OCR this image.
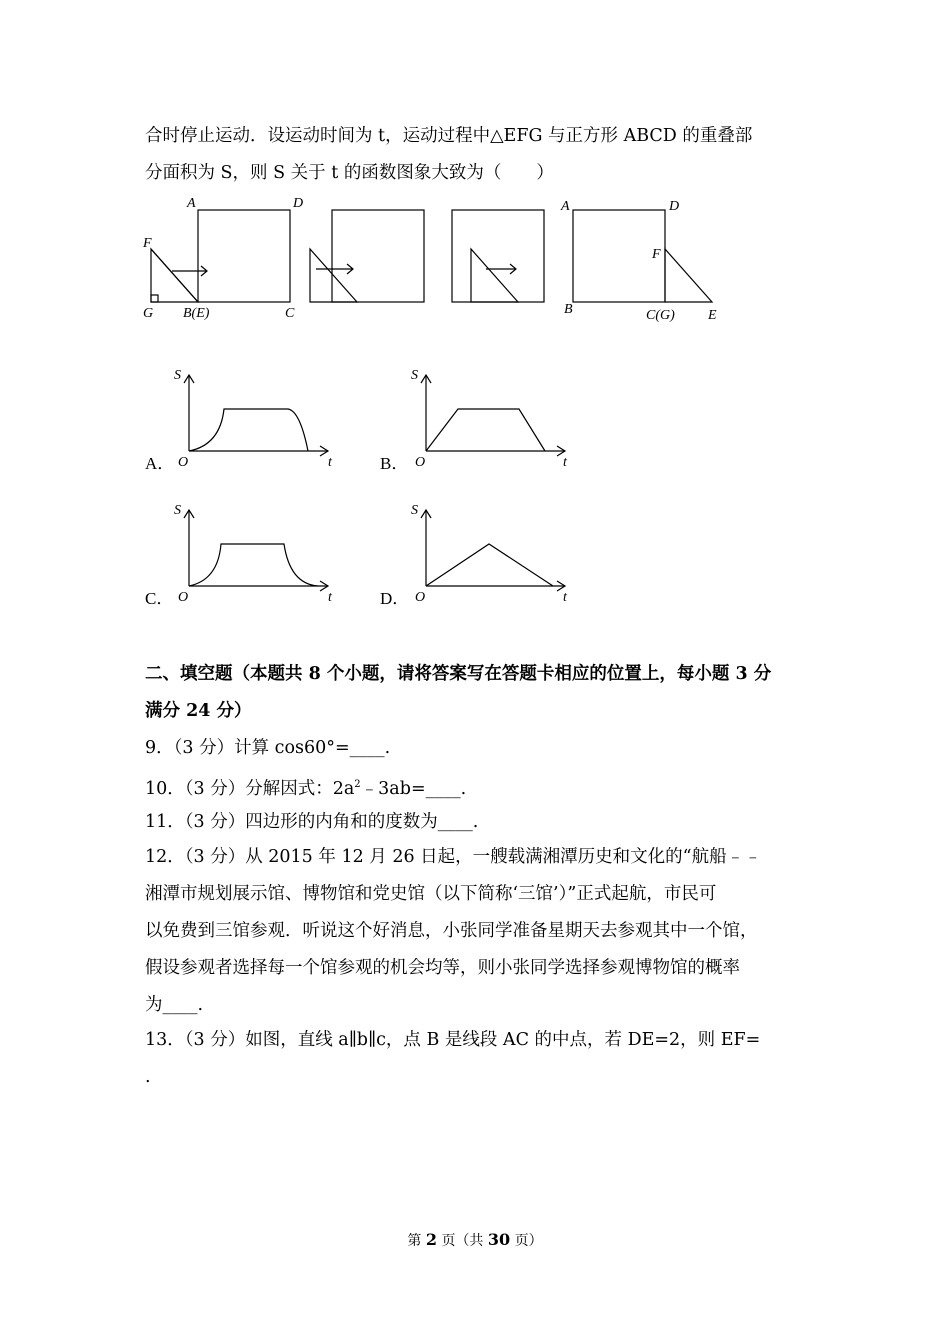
合时停止运动．设运动时间为 t，运动过程中△EFG 与正方形 ABCD 的重叠部
分面积为 S，则 S 关于 t 的函数图象大致为（　　）
A	D
F
G B(E)	C
A	D
F
B	C(G) E
S
O	t
A．
S
O	t
B．
S
O	t
C．
S
O	t
D．
二、填空题（本题共 8 个小题，请将答案写在答题卡相应的位置上，每小题 3 分
满分 24 分）
9．（3 分）计算 cos60°=____.
10．（3 分）分解因式：$2a^2﹣3ab=\_\_\_\_$.
11．（3 分）四边形的内角和的度数为____.
12．（3 分）从 2015 年 12 月 26 日起，一艘载满湘潭历史和文化的“航船﹣﹣
湘潭市规划展示馆、博物馆和党史馆（以下简称‘三馆’）”正式起航，市民可
以免费到三馆参观．听说这个好消息，小张同学准备星期天去参观其中一个馆，
假设参观者选择每一个馆参观的机会均等，则小张同学选择参观博物馆的概率
为____.
13．（3 分）如图，直线 a∥b∥c，点 B 是线段 AC 的中点，若 DE=2，则 EF=
.
第 2 页（共 30 页）
